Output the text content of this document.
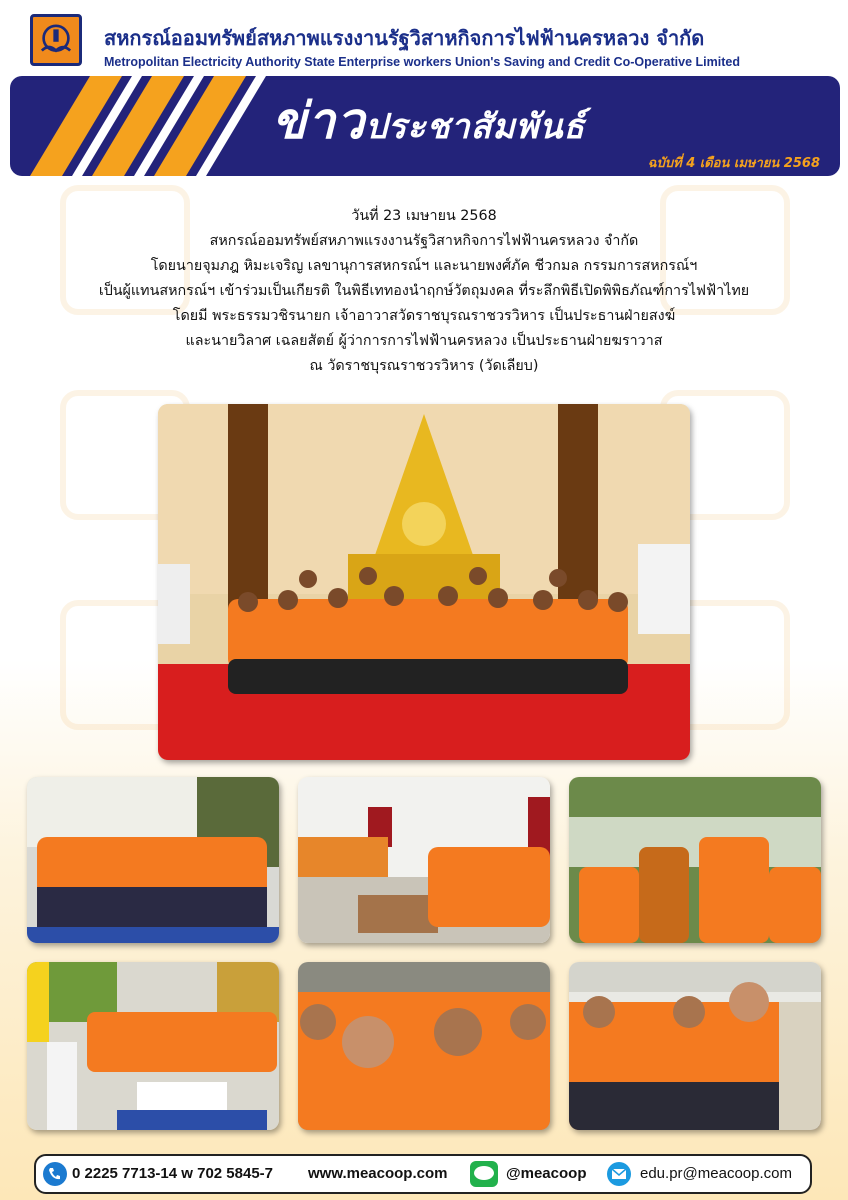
สหกรณ์ออมทรัพย์สหภาพแรงงานรัฐวิสาหกิจการไฟฟ้านครหลวง จำกัด
Metropolitan Electricity Authority State Enterprise workers Union's Saving and Credit Co-Operative Limited
ข่าวประชาสัมพันธ์
ฉบับที่ 4 เดือน เมษายน 2568

วันที่ 23 เมษายน 2568

สหกรณ์ออมทรัพย์สหภาพแรงงานรัฐวิสาหกิจการไฟฟ้านครหลวง จำกัด

โดยนายจุมภฎ หิมะเจริญ เลขานุการสหกรณ์ฯ และนายพงศ์ภัค ชีวกมล กรรมการสหกรณ์ฯ

เป็นผู้แทนสหกรณ์ฯ เข้าร่วมเป็นเกียรติ ในพิธีเททองนำฤกษ์วัตถุมงคล ที่ระลึกพิธีเปิดพิพิธภัณฑ์การไฟฟ้าไทย

โดยมี พระธรรมวชิรนายก เจ้าอาวาสวัดราชบุรณราชวรวิหาร เป็นประธานฝ่ายสงฆ์

และนายวิลาศ เฉลยสัตย์ ผู้ว่าการการไฟฟ้านครหลวง เป็นประธานฝ่ายฆราวาส

ณ วัดราชบุรณราชวรวิหาร (วัดเลียบ)

0 2225 7713-14 w 702 5845-7 www.meacoop.com	@meacoop	edu.pr@meacoop.com
